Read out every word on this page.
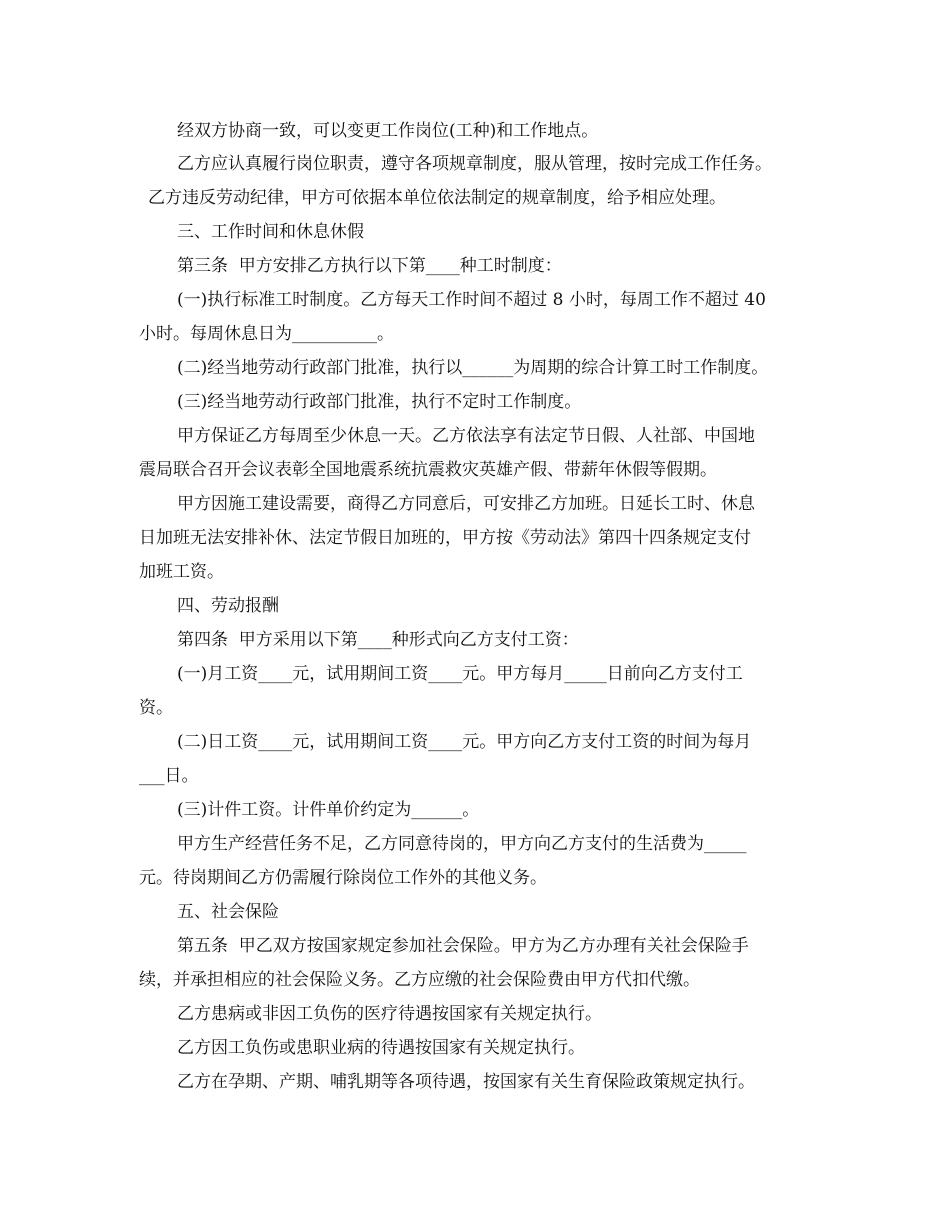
经双方协商一致，可以变更工作岗位(工种)和工作地点。
乙方应认真履行岗位职责，遵守各项规章制度，服从管理，按时完成工作任务。
乙方违反劳动纪律，甲方可依据本单位依法制定的规章制度，给予相应处理。
三、工作时间和休息休假
第三条  甲方安排乙方执行以下第____种工时制度：
(一)执行标准工时制度。乙方每天工作时间不超过 8 小时，每周工作不超过 40
小时。每周休息日为__________。
(二)经当地劳动行政部门批准，执行以______为周期的综合计算工时工作制度。
(三)经当地劳动行政部门批准，执行不定时工作制度。
甲方保证乙方每周至少休息一天。乙方依法享有法定节日假、人社部、中国地
震局联合召开会议表彰全国地震系统抗震救灾英雄产假、带薪年休假等假期。
甲方因施工建设需要，商得乙方同意后，可安排乙方加班。日延长工时、休息
日加班无法安排补休、法定节假日加班的，甲方按《劳动法》第四十四条规定支付
加班工资。
四、劳动报酬
第四条  甲方采用以下第____种形式向乙方支付工资：
(一)月工资____元，试用期间工资____元。甲方每月_____日前向乙方支付工
资。
(二)日工资____元，试用期间工资____元。甲方向乙方支付工资的时间为每月
___日。
(三)计件工资。计件单价约定为______。
甲方生产经营任务不足，乙方同意待岗的，甲方向乙方支付的生活费为_____
元。待岗期间乙方仍需履行除岗位工作外的其他义务。
五、社会保险
第五条  甲乙双方按国家规定参加社会保险。甲方为乙方办理有关社会保险手
续，并承担相应的社会保险义务。乙方应缴的社会保险费由甲方代扣代缴。
乙方患病或非因工负伤的医疗待遇按国家有关规定执行。
乙方因工负伤或患职业病的待遇按国家有关规定执行。
乙方在孕期、产期、哺乳期等各项待遇，按国家有关生育保险政策规定执行。
